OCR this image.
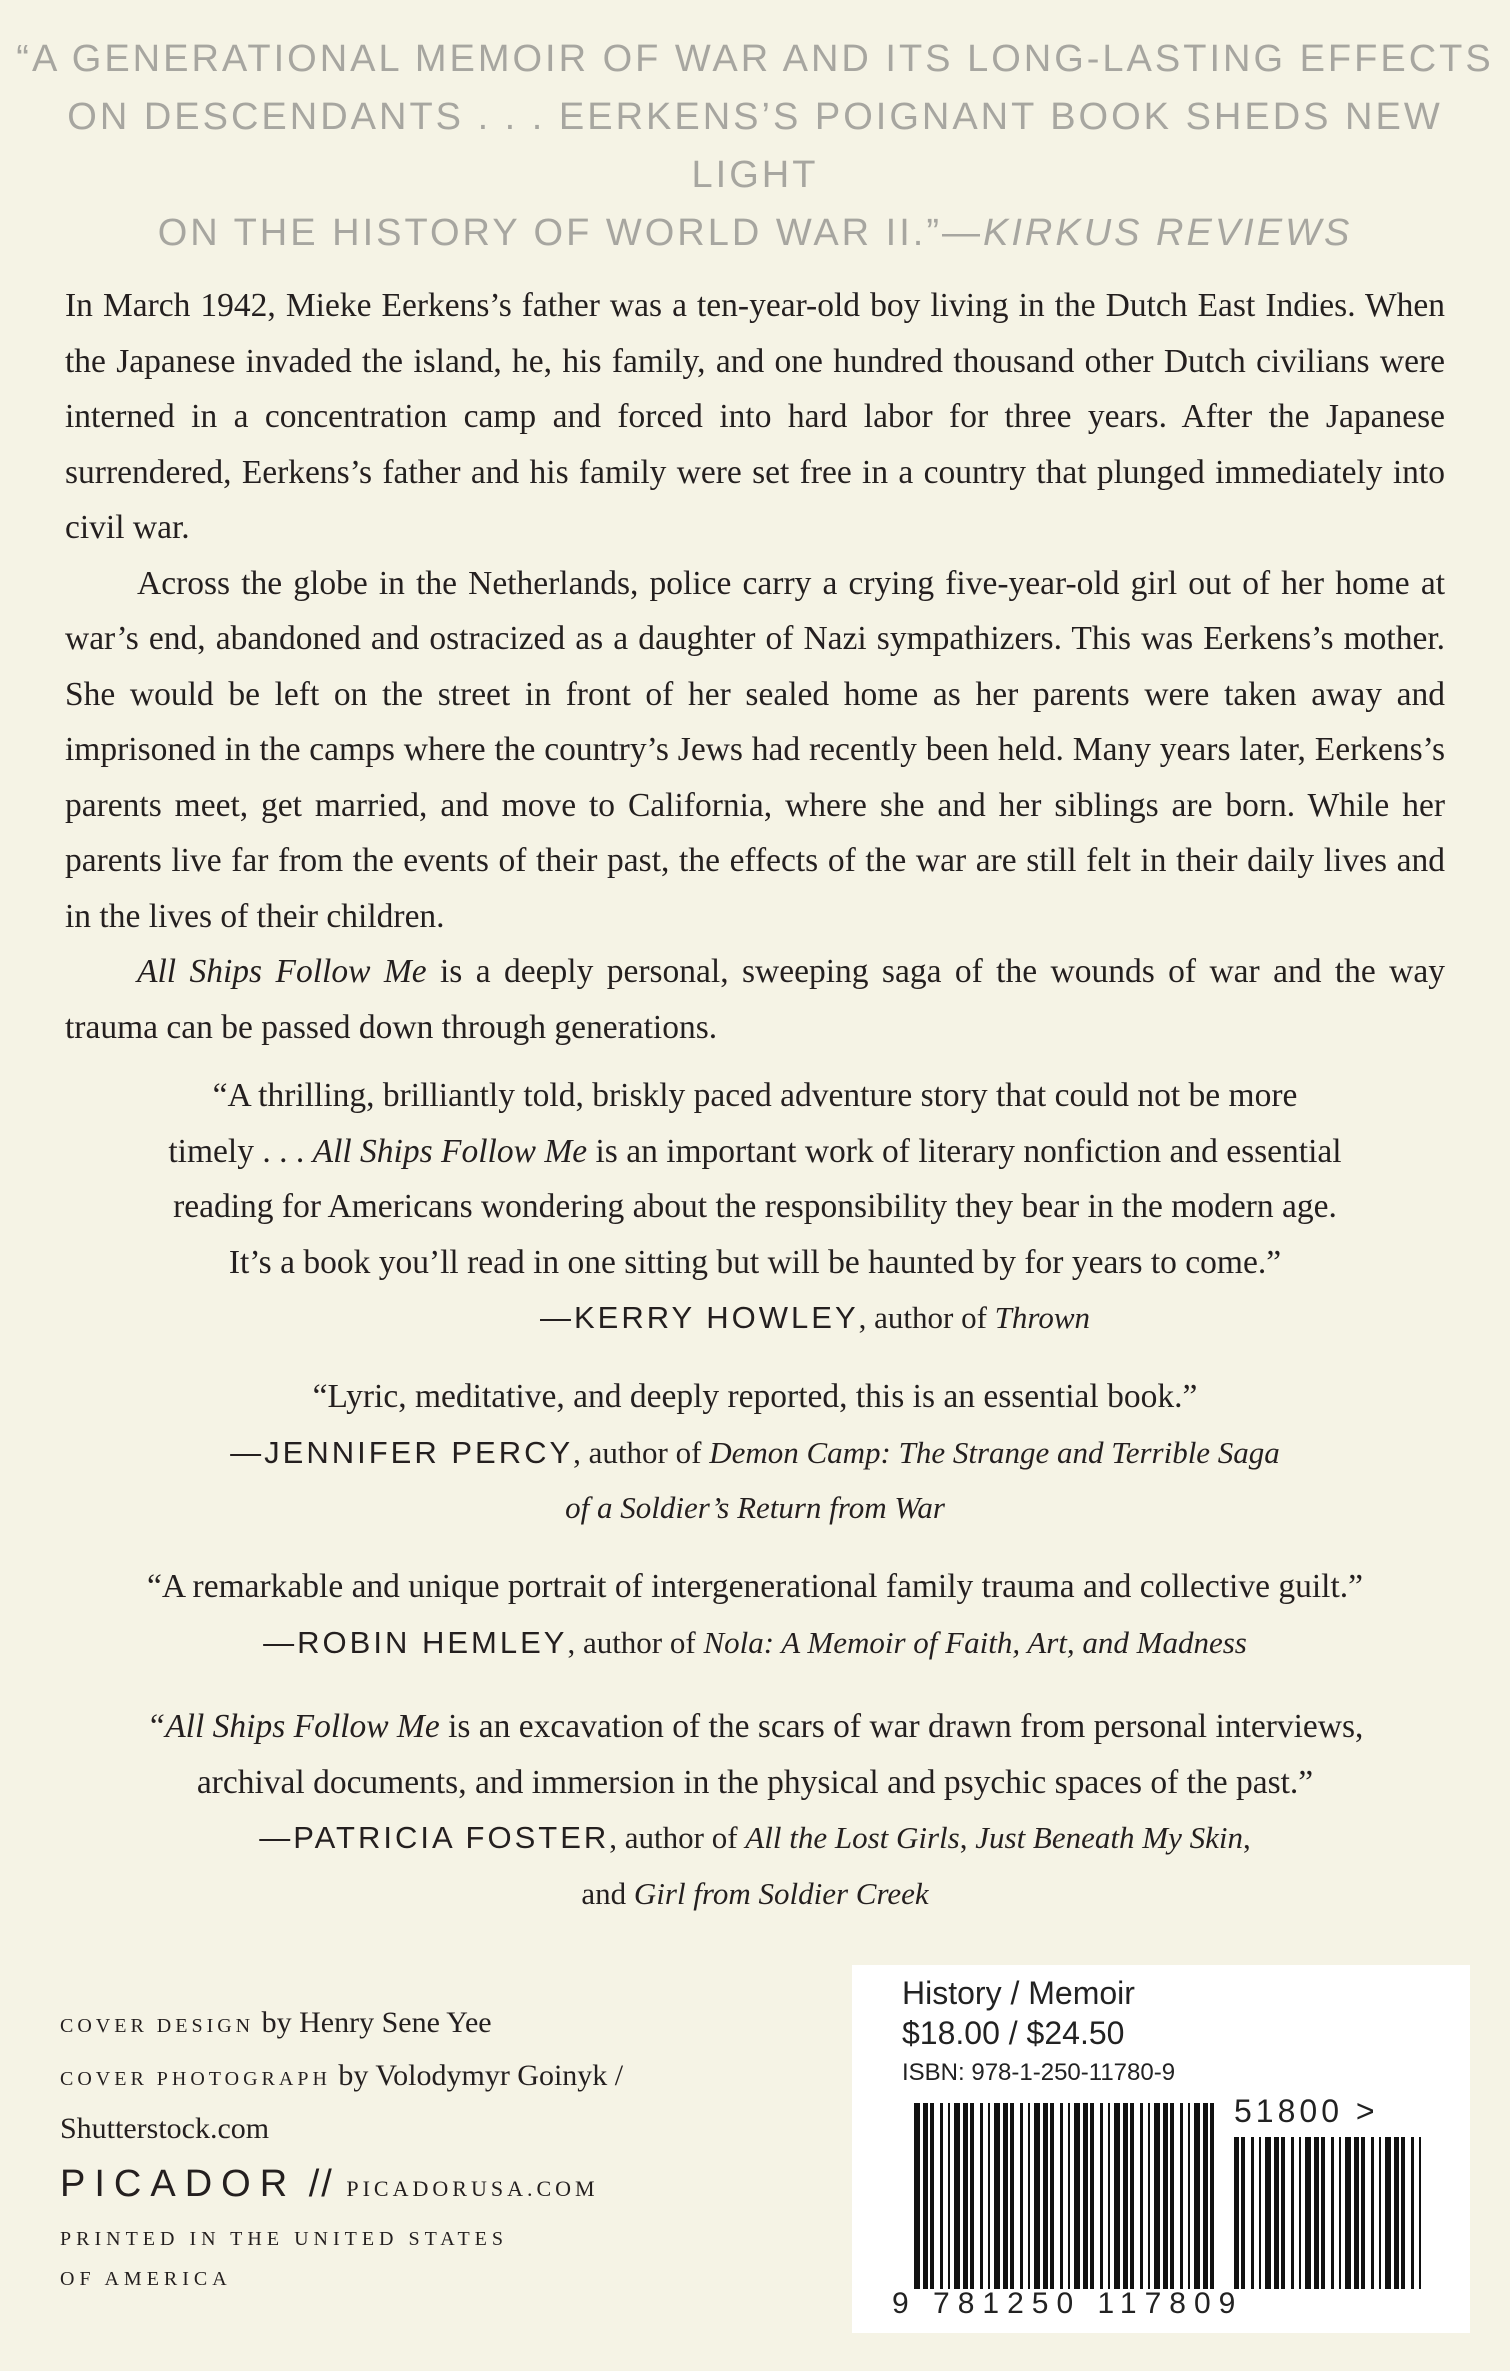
“A GENERATIONAL MEMOIR OF WAR AND ITS LONG-LASTING EFFECTS
ON DESCENDANTS . . . EERKENS’S POIGNANT BOOK SHEDS NEW LIGHT
ON THE HISTORY OF WORLD WAR II.”—KIRKUS REVIEWS

In March 1942, Mieke Eerkens’s father was a ten-year-old boy living in the Dutch East Indies. When the Japanese invaded the island, he, his family, and one hundred thousand other Dutch civilians were interned in a concentration camp and forced into hard labor for three years. After the Japanese surrendered, Eerkens’s father and his family were set free in a country that plunged immediately into civil war.

Across the globe in the Netherlands, police carry a crying five-year-old girl out of her home at war’s end, abandoned and ostracized as a daughter of Nazi sympathizers. This was Eerkens’s mother. She would be left on the street in front of her sealed home as her parents were taken away and imprisoned in the camps where the country’s Jews had recently been held. Many years later, Eerkens’s parents meet, get married, and move to California, where she and her siblings are born. While her parents live far from the events of their past, the effects of the war are still felt in their daily lives and in the lives of their children.

All Ships Follow Me is a deeply personal, sweeping saga of the wounds of war and the way trauma can be passed down through generations.

“A thrilling, brilliantly told, briskly paced adventure story that could not be more

timely . . . All Ships Follow Me is an important work of literary nonfiction and essential

reading for Americans wondering about the responsibility they bear in the modern age.

It’s a book you’ll read in one sitting but will be haunted by for years to come.”

—KERRY HOWLEY, author of Thrown

“Lyric, meditative, and deeply reported, this is an essential book.”

—JENNIFER PERCY, author of Demon Camp: The Strange and Terrible Saga

of a Soldier’s Return from War

“A remarkable and unique portrait of intergenerational family trauma and collective guilt.”

—ROBIN HEMLEY, author of Nola: A Memoir of Faith, Art, and Madness

“All Ships Follow Me is an excavation of the scars of war drawn from personal interviews,

archival documents, and immersion in the physical and psychic spaces of the past.”

—PATRICIA FOSTER, author of All the Lost Girls, Just Beneath My Skin,

and Girl from Soldier Creek

COVER DESIGN by Henry Sene Yee
COVER PHOTOGRAPH by Volodymyr Goinyk /
Shutterstock.com
PICADOR // PICADORUSA.COM
PRINTED IN THE UNITED STATES
OF AMERICA
History / Memoir
$18.00 / $24.50
ISBN: 978-1-250-11780-9
51800 >
9 781250 117809
